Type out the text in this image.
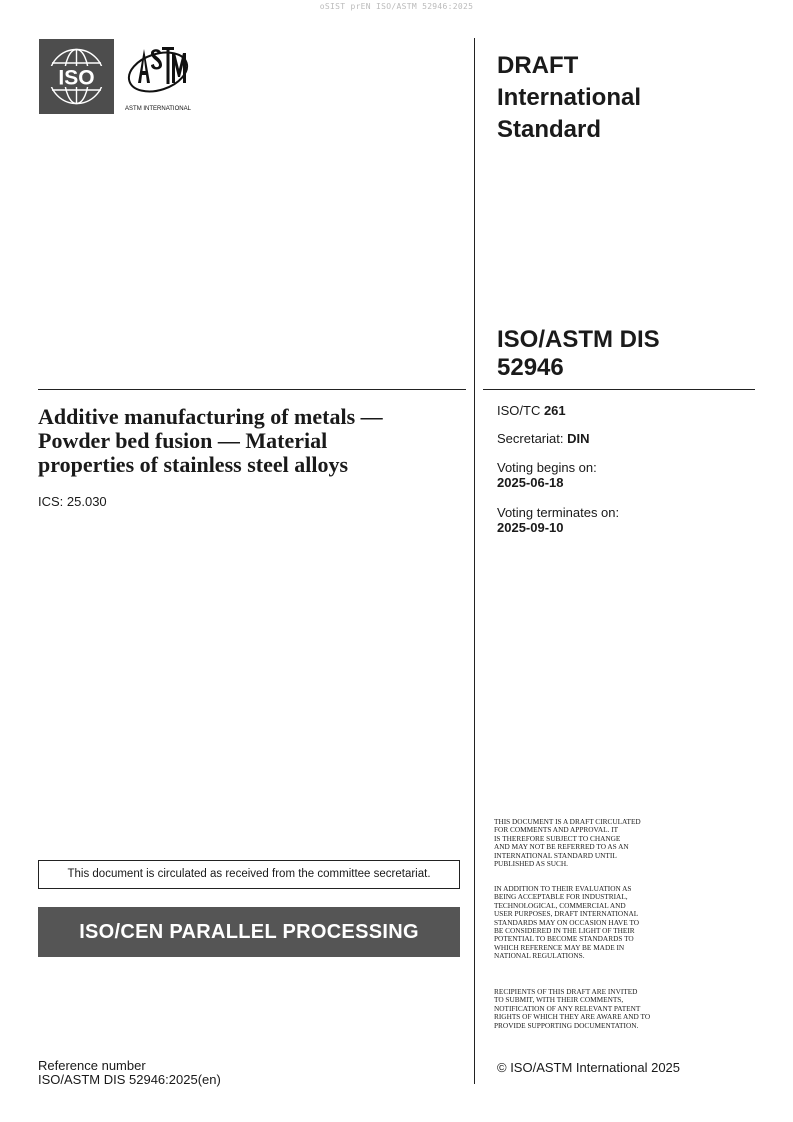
oSIST prEN ISO/ASTM 52946:2025
ISO
ASTM INTERNATIONAL
DRAFT
International
Standard
ISO/ASTM DIS
52946
Additive manufacturing of metals —
Powder bed fusion — Material
properties of stainless steel alloys
ICS: 25.030
ISO/TC 261
Secretariat: DIN
Voting begins on:
2025-06-18
Voting terminates on:
2025-09-10
This document is circulated as received from the committee secretariat.
ISO/CEN PARALLEL PROCESSING
THIS DOCUMENT IS A DRAFT CIRCULATED
FOR COMMENTS AND APPROVAL. IT
IS THEREFORE SUBJECT TO CHANGE
AND MAY NOT BE REFERRED TO AS AN
INTERNATIONAL STANDARD UNTIL
PUBLISHED AS SUCH.
IN ADDITION TO THEIR EVALUATION AS
BEING ACCEPTABLE FOR INDUSTRIAL,
TECHNOLOGICAL, COMMERCIAL AND
USER PURPOSES, DRAFT INTERNATIONAL
STANDARDS MAY ON OCCASION HAVE TO
BE CONSIDERED IN THE LIGHT OF THEIR
POTENTIAL TO BECOME STANDARDS TO
WHICH REFERENCE MAY BE MADE IN
NATIONAL REGULATIONS.
RECIPIENTS OF THIS DRAFT ARE INVITED
TO SUBMIT, WITH THEIR COMMENTS,
NOTIFICATION OF ANY RELEVANT PATENT
RIGHTS OF WHICH THEY ARE AWARE AND TO
PROVIDE SUPPORTING DOCUMENTATION.
Reference number
ISO/ASTM DIS 52946:2025(en)
© ISO/ASTM International 2025
